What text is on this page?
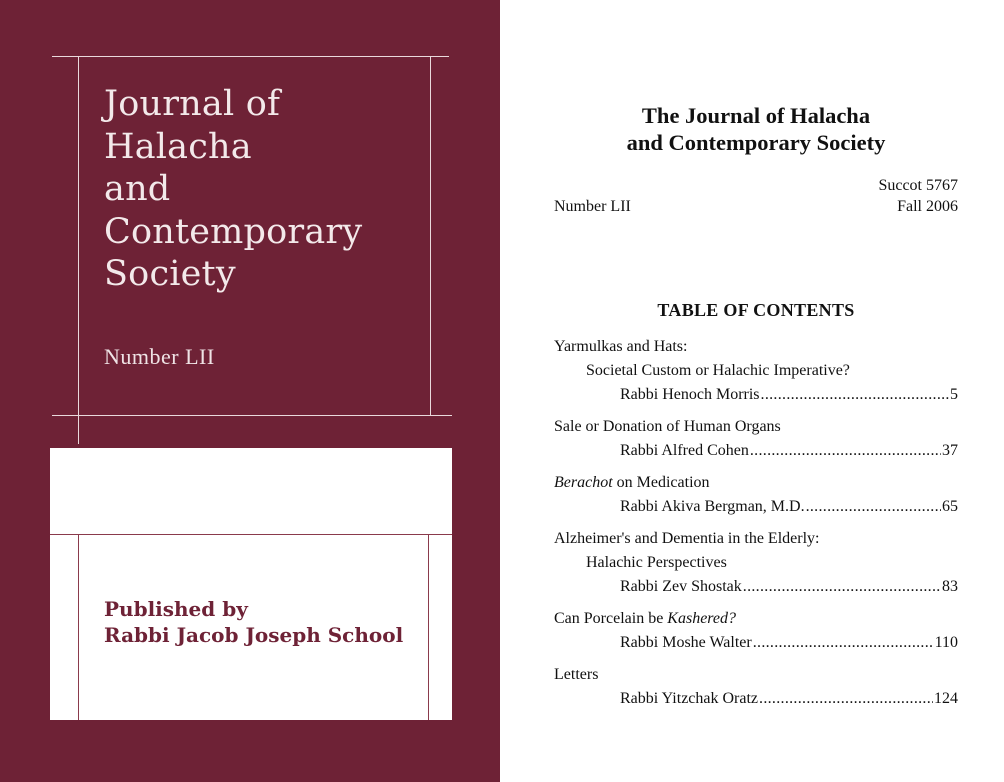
Journal of
Halacha
and
Contemporary
Society
Number LII
Published by
Rabbi Jacob Joseph School
The Journal of Halacha
and Contemporary Society
Succot 5767
Number LII	Fall 2006
TABLE OF CONTENTS
Yarmulkas and Hats:
Societal Custom or Halachic Imperative?
Rabbi Henoch Morris .....	5
Sale or Donation of Human Organs
Rabbi Alfred Cohen .....	37
Berachot on Medication
Rabbi Akiva Bergman, M.D. .....	65
Alzheimer's and Dementia in the Elderly:
Halachic Perspectives
Rabbi Zev Shostak .....	83
Can Porcelain be Kashered?
Rabbi Moshe Walter .....	110
Letters
Rabbi Yitzchak Oratz .....	124
